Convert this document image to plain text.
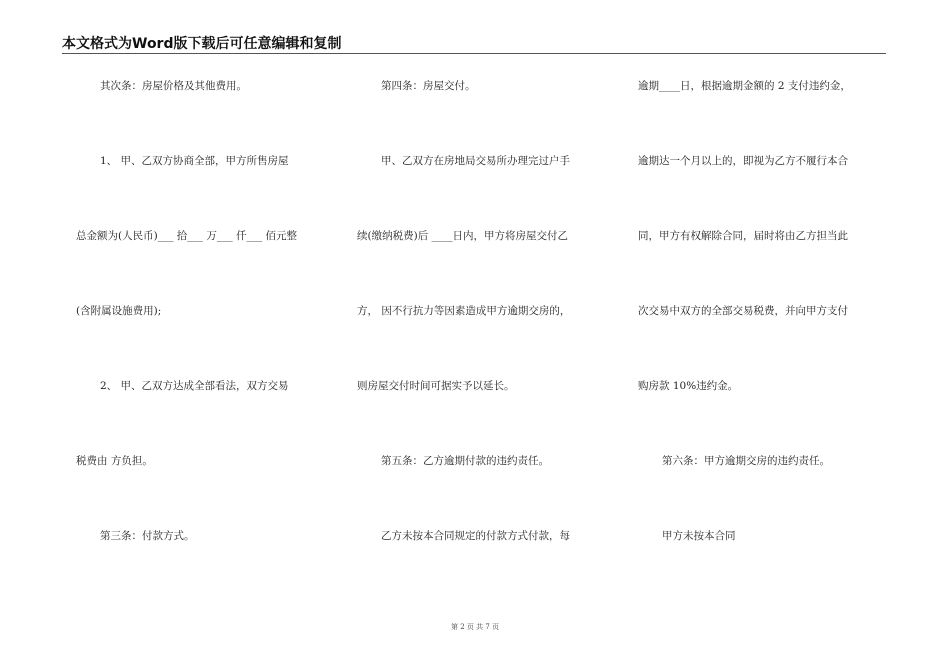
本文格式为Word版下载后可任意编辑和复制
其次条：房屋价格及其他费用。
1、 甲、乙双方协商全部，甲方所售房屋
总金额为(人民币)___ 拾___ 万___ 仟___ 佰元整
(含附属设施费用);
2、 甲、乙双方达成全部看法，双方交易
税费由 方负担。
第三条：付款方式。
第四条：房屋交付。
甲、乙双方在房地局交易所办理完过户手
续(缴纳税费)后 ____日内，甲方将房屋交付乙
方， 因不行抗力等因素造成甲方逾期交房的，
则房屋交付时间可据实予以延长。
第五条：乙方逾期付款的违约责任。
乙方未按本合同规定的付款方式付款，每
逾期____日，根据逾期金额的 2 支付违约金，
逾期达一个月以上的，即视为乙方不履行本合
同，甲方有权解除合同，届时将由乙方担当此
次交易中双方的全部交易税费，并向甲方支付
购房款 10%违约金。
第六条：甲方逾期交房的违约责任。
甲方未按本合同
第 2 页 共 7 页
